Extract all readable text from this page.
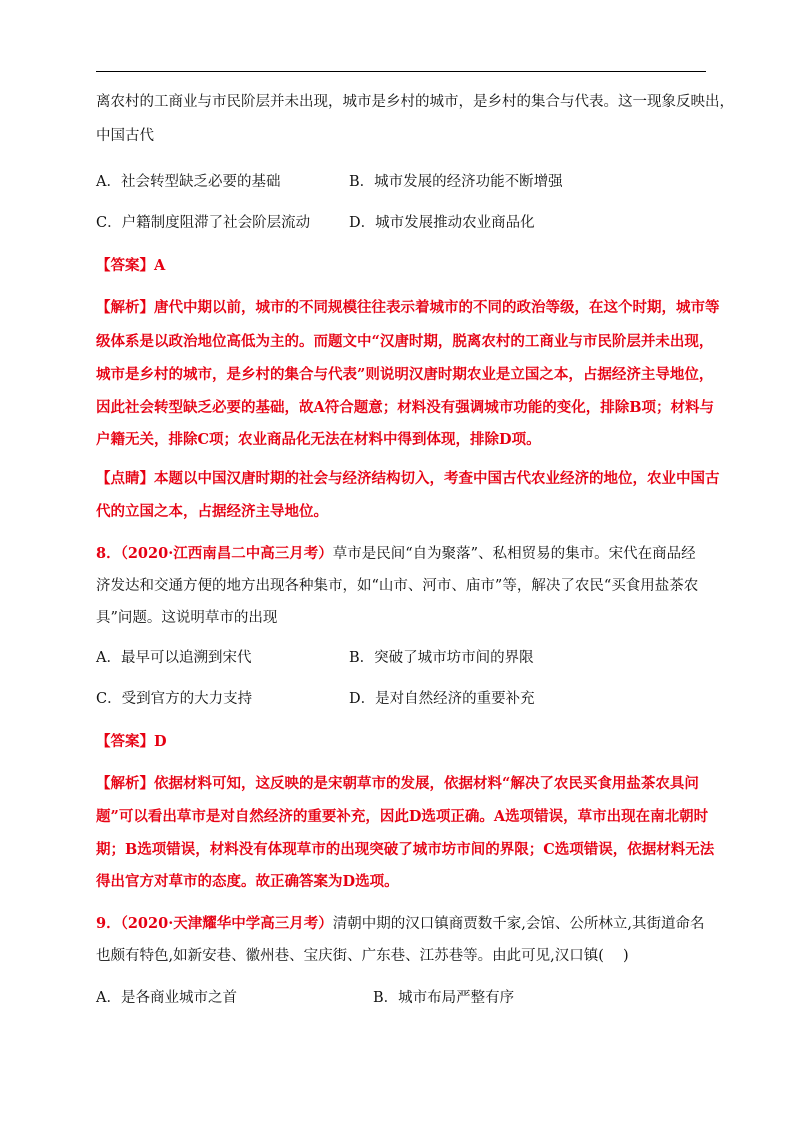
离农村的工商业与市民阶层并未出现，城市是乡村的城市，是乡村的集合与代表。这一现象反映出，
中国古代
A．社会转型缺乏必要的基础	B．城市发展的经济功能不断增强
C．户籍制度阻滞了社会阶层流动	D．城市发展推动农业商品化
【答案】A
【解析】唐代中期以前，城市的不同规模往往表示着城市的不同的政治等级，在这个时期，城市等
级体系是以政治地位高低为主的。而题文中“汉唐时期，脱离农村的工商业与市民阶层并未出现，
城市是乡村的城市，是乡村的集合与代表”则说明汉唐时期农业是立国之本，占据经济主导地位，
因此社会转型缺乏必要的基础，故A符合题意；材料没有强调城市功能的变化，排除B项；材料与
户籍无关，排除C项；农业商品化无法在材料中得到体现，排除D项。
【点睛】本题以中国汉唐时期的社会与经济结构切入，考查中国古代农业经济的地位，农业中国古
代的立国之本，占据经济主导地位。
8．（2020·江西南昌二中高三月考）草市是民间“自为聚落”、私相贸易的集市。宋代在商品经
济发达和交通方便的地方出现各种集市，如“山市、河市、庙市”等，解决了农民“买食用盐茶农
具”问题。这说明草市的出现
A．最早可以追溯到宋代	B．突破了城市坊市间的界限
C．受到官方的大力支持	D．是对自然经济的重要补充
【答案】D
【解析】依据材料可知，这反映的是宋朝草市的发展，依据材料“解决了农民买食用盐茶农具问
题”可以看出草市是对自然经济的重要补充，因此D选项正确。A选项错误，草市出现在南北朝时
期；B选项错误，材料没有体现草市的出现突破了城市坊市间的界限；C选项错误，依据材料无法
得出官方对草市的态度。故正确答案为D选项。
9．（2020·天津耀华中学高三月考）清朝中期的汉口镇商贾数千家,会馆、公所林立,其街道命名
也颇有特色,如新安巷、徽州巷、宝庆街、广东巷、江苏巷等。由此可见,汉口镇(　 )
A．是各商业城市之首	B．城市布局严整有序
